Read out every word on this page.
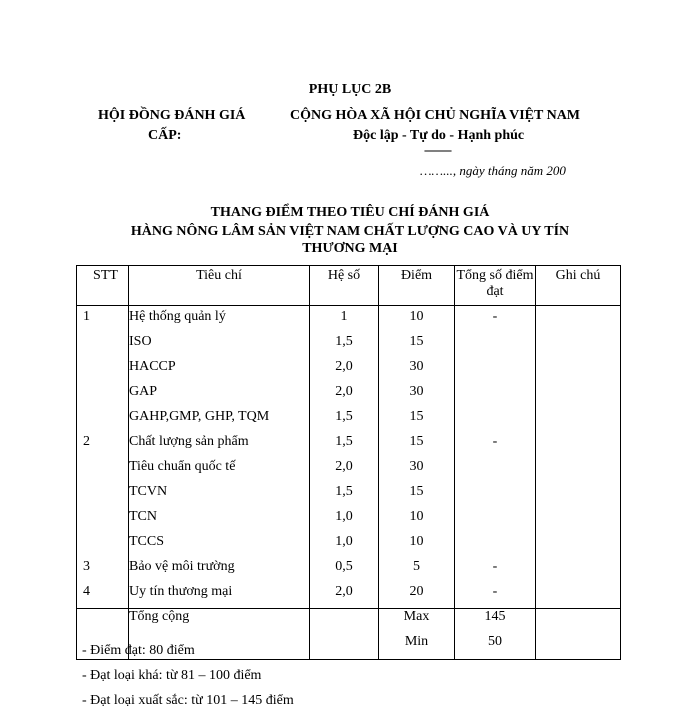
PHỤ LỤC 2B
HỘI ĐỒNG ĐÁNH GIÁ
CẤP:
CỘNG HÒA XÃ HỘI CHỦ NGHĨA VIỆT NAM
Độc lập - Tự do - Hạnh phúc
---------
……..., ngày tháng năm 200
THANG ĐIỂM THEO TIÊU CHÍ ĐÁNH GIÁ
HÀNG NÔNG LÂM SẢN VIỆT NAM CHẤT LƯỢNG CAO VÀ UY TÍN
THƯƠNG MẠI
STT	Tiêu chí	Hệ số	Điểm	Tổng số điểm
đạt	Ghi chú
1	Hệ thống quản lý	1	10	-	
	ISO	1,5	15		
	HACCP	2,0	30		
	GAP	2,0	30		
	GAHP,GMP, GHP, TQM	1,5	15		
2	Chất lượng sản phẩm	1,5	15	-	
	Tiêu chuẩn quốc tế	2,0	30		
	TCVN	1,5	15		
	TCN	1,0	10		
	TCCS	1,0	10		
3	Bảo vệ môi trường	0,5	5	-	
4	Uy tín thương mại	2,0	20	-	
	Tổng cộng		Max	145	
			Min	50	
- Điểm đạt: 80 điểm
- Đạt loại khá: từ 81 – 100 điểm
- Đạt loại xuất sắc: từ 101 – 145 điểm
